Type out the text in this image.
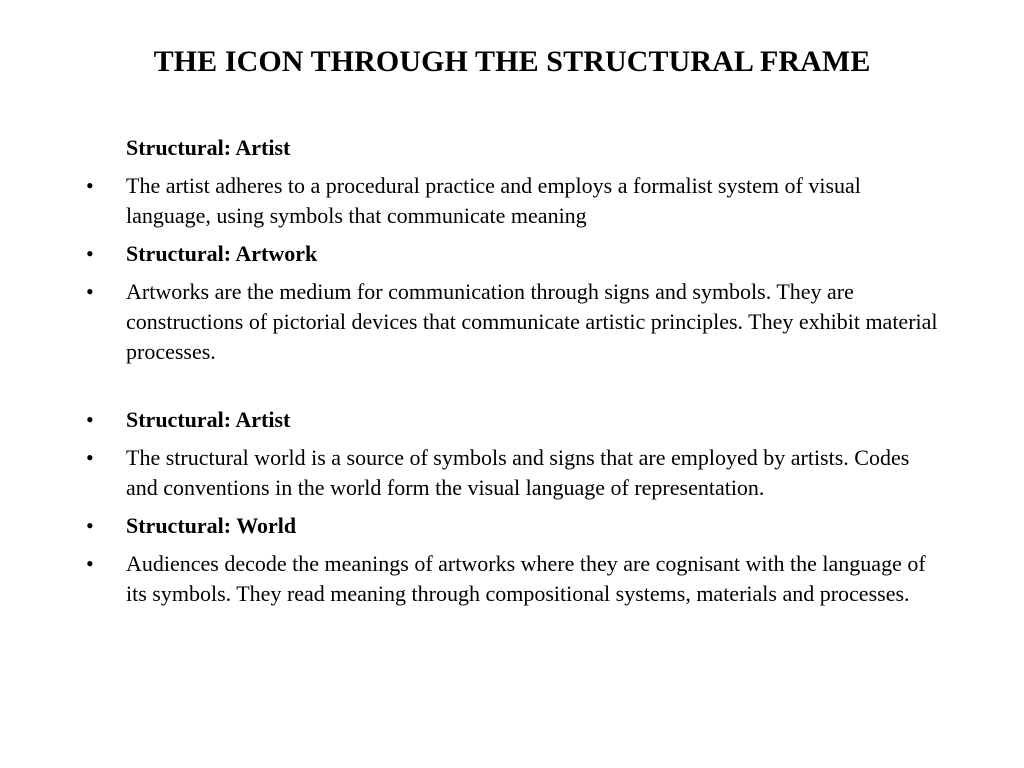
THE ICON THROUGH THE STRUCTURAL FRAME
Structural: Artist
•	The artist adheres to a procedural practice and employs a formalist system of visual language, using symbols that communicate meaning
•	Structural: Artwork
•	Artworks are the medium for communication through signs and symbols. They are constructions of pictorial devices that communicate artistic principles. They exhibit material processes.
•	Structural: Artist
•	The structural world is a source of symbols and signs that are employed by artists. Codes and conventions in the world form the visual language of representation.
•	Structural: World
•	Audiences decode the meanings of artworks where they are cognisant with the language of its symbols. They read meaning through compositional systems, materials and processes.
